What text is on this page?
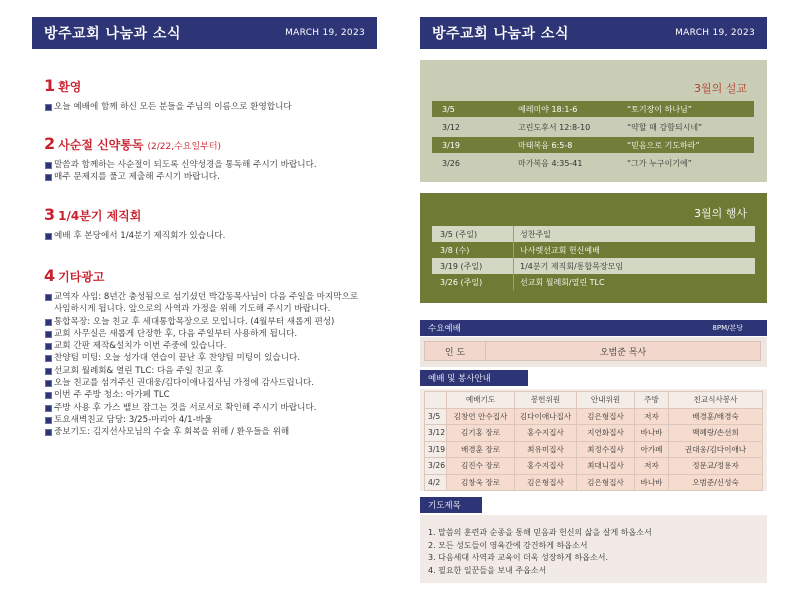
방주교회 나눔과 소식	MARCH 19, 2023	방주교회 나눔과 소식	MARCH 19, 2023
1 환영
오늘 예배에 함께 하신 모든 분들을 주님의 이름으로 환영합니다
2 사순절 신약통독 (2/22,수요일부터)
말씀과 함께하는 사순절이 되도록 신약성경을 통독해 주시기 바랍니다.
매주 문제지를 풀고 제출해 주시기 바랍니다.
3 1/4분기 제직회
예배 후 본당에서 1/4분기 제직회가 있습니다.
4 기타광고
교역자 사임: 8년간 충성됨으로 섬기셨던 박갑동목사님이 다음 주일을 마지막으로
사임하시게 됩니다. 앞으로의 사역과 가정을 위해 기도해 주시기 바랍니다.
통합목장: 오늘 친교 후 세대통합목장으로 모입니다. (4월부터 새롭게 편성)
교회 사무실은 새롭게 단장한 후, 다음 주일부터 사용하게 됩니다.
교회 간판 제작&설치가 이번 주중에 있습니다.
찬양팀 미팅: 오늘 성가대 연습이 끝난 후 찬양팀 미팅이 있습니다.
선교회 월례회& 열린 TLC: 다음 주일 친교 후
오늘 친교를 섬겨주신 권대웅/김다이애나집사님 가정에 감사드립니다.
이번 주 주방 청소: 아가페 TLC
주방 사용 후 가스 밸브 잠그는 것을 서로서로 확인해 주시기 바랍니다.
토요새벽친교 담당: 3/25-마리아 4/1-바울
중보기도: 김지선사모님의 수술 후 회복을 위해 / 환우들을 위해
3월의 설교
3/5	예레미야 18:1-6	“토기장이 하나님”
3/12	고린도후서 12:8-10	“약할 때 강함되시네”
3/19	마태복음 6:5-8	“믿음으로 기도하라”
3/26	마가복음 4:35-41	“그가 누구이기에”
3월의 행사
3/5 (주일)	성찬주일
3/8 (수)	나사렛선교회 헌신예배
3/19 (주일)	1/4분기 제직회/통합목장모임
3/26 (주일)	선교회 월례회/열린 TLC
수요예배	8PM/본당
인 도	오범준 목사
예배 및 봉사안내
	예배기도	봉헌위원	안내위원	주방	친교식사봉사
3/5	김창언 안수집사	김다이애나집사	김은형집사	저자	배경훈/배경숙
3/12	김기홍 장로	홍수지집사	지연화집사	바나바	백혜랑/손선희
3/19	배경훈 장로	최유미집사	최정수집사	아가페	권대웅/김다이애나
3/26	김진수 장로	홍수지집사	최대니집사	저자	정문교/정용자
4/2	김창욱 장로	김은형집사	김은형집사	바나바	오범준/신성숙
기도제목
1. 말씀의 훈련과 순종을 통해 믿음과 헌신의 삶을 살게 하옵소서
2. 모든 성도들이 영육간에 강건하게 하옵소서
3. 다음세대 사역과 교육이 더욱 성장하게 하옵소서.
4. 필요한 일꾼들을 보내 주옵소서
